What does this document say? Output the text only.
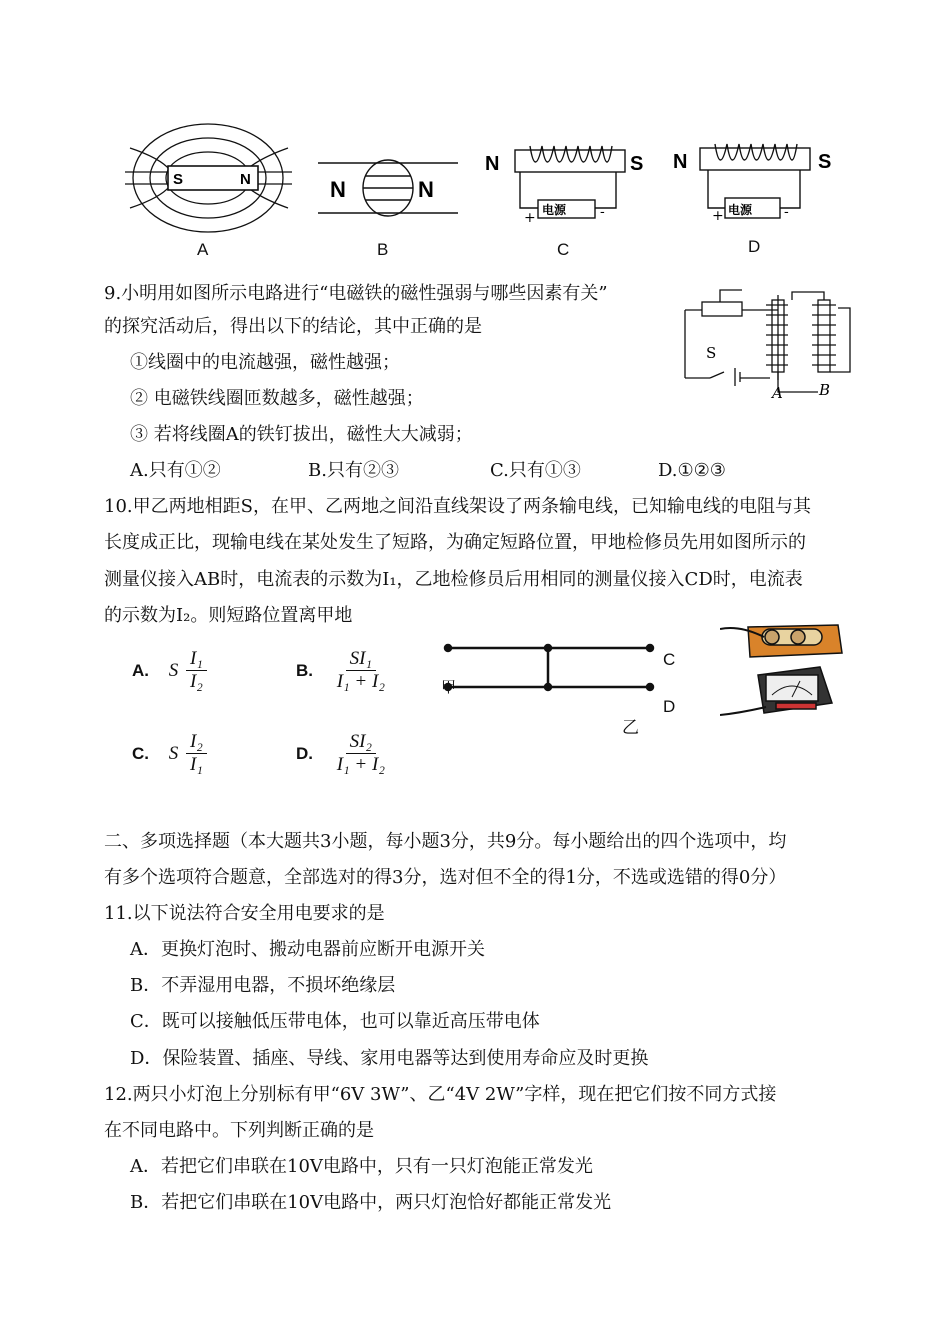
S	N	N	N
N	S
+ 电源 -
N	S
+ 电源 -
A	B	C	D
9.小明用如图所示电路进行“电磁铁的磁性强弱与哪些因素有关”
的探究活动后，得出以下的结论，其中正确的是
①线圈中的电流越强，磁性越强；
② 电磁铁线圈匝数越多，磁性越强；
③ 若将线圈A的铁钉拔出，磁性大大减弱；
A.只有①②	B.只有②③	C.只有①③	D.①②③
S
A B
10.甲乙两地相距S，在甲、乙两地之间沿直线架设了两条输电线，已知输电线的电阻与其
长度成正比，现输电线在某处发生了短路，为确定短路位置，甲地检修员先用如图所示的
测量仪接入AB时，电流表的示数为I₁，乙地检修员后用相同的测量仪接入CD时，电流表
的示数为I₂。则短路位置离甲地
A. S $\frac{\text{I₁}}{\text{I₂}}$	B. $\frac{\text{SI₁}}{\text{I₁ + I₂}}$
C. S $\frac{\text{I₂}}{\text{I₁}}$	D. $\frac{\text{SI₂}}{\text{I₁ + I₂}}$
C
D
甲
乙
二、多项选择题（本大题共3小题，每小题3分，共9分。每小题给出的四个选项中，均
有多个选项符合题意，全部选对的得3分，选对但不全的得1分，不选或选错的得0分）
11.以下说法符合安全用电要求的是
A．更换灯泡时、搬动电器前应断开电源开关
B．不弄湿用电器，不损坏绝缘层
C．既可以接触低压带电体，也可以靠近高压带电体
D．保险装置、插座、导线、家用电器等达到使用寿命应及时更换
12.两只小灯泡上分别标有甲“6V 3W”、乙“4V 2W”字样，现在把它们按不同方式接
在不同电路中。下列判断正确的是
A．若把它们串联在10V电路中，只有一只灯泡能正常发光
B．若把它们串联在10V电路中，两只灯泡恰好都能正常发光
